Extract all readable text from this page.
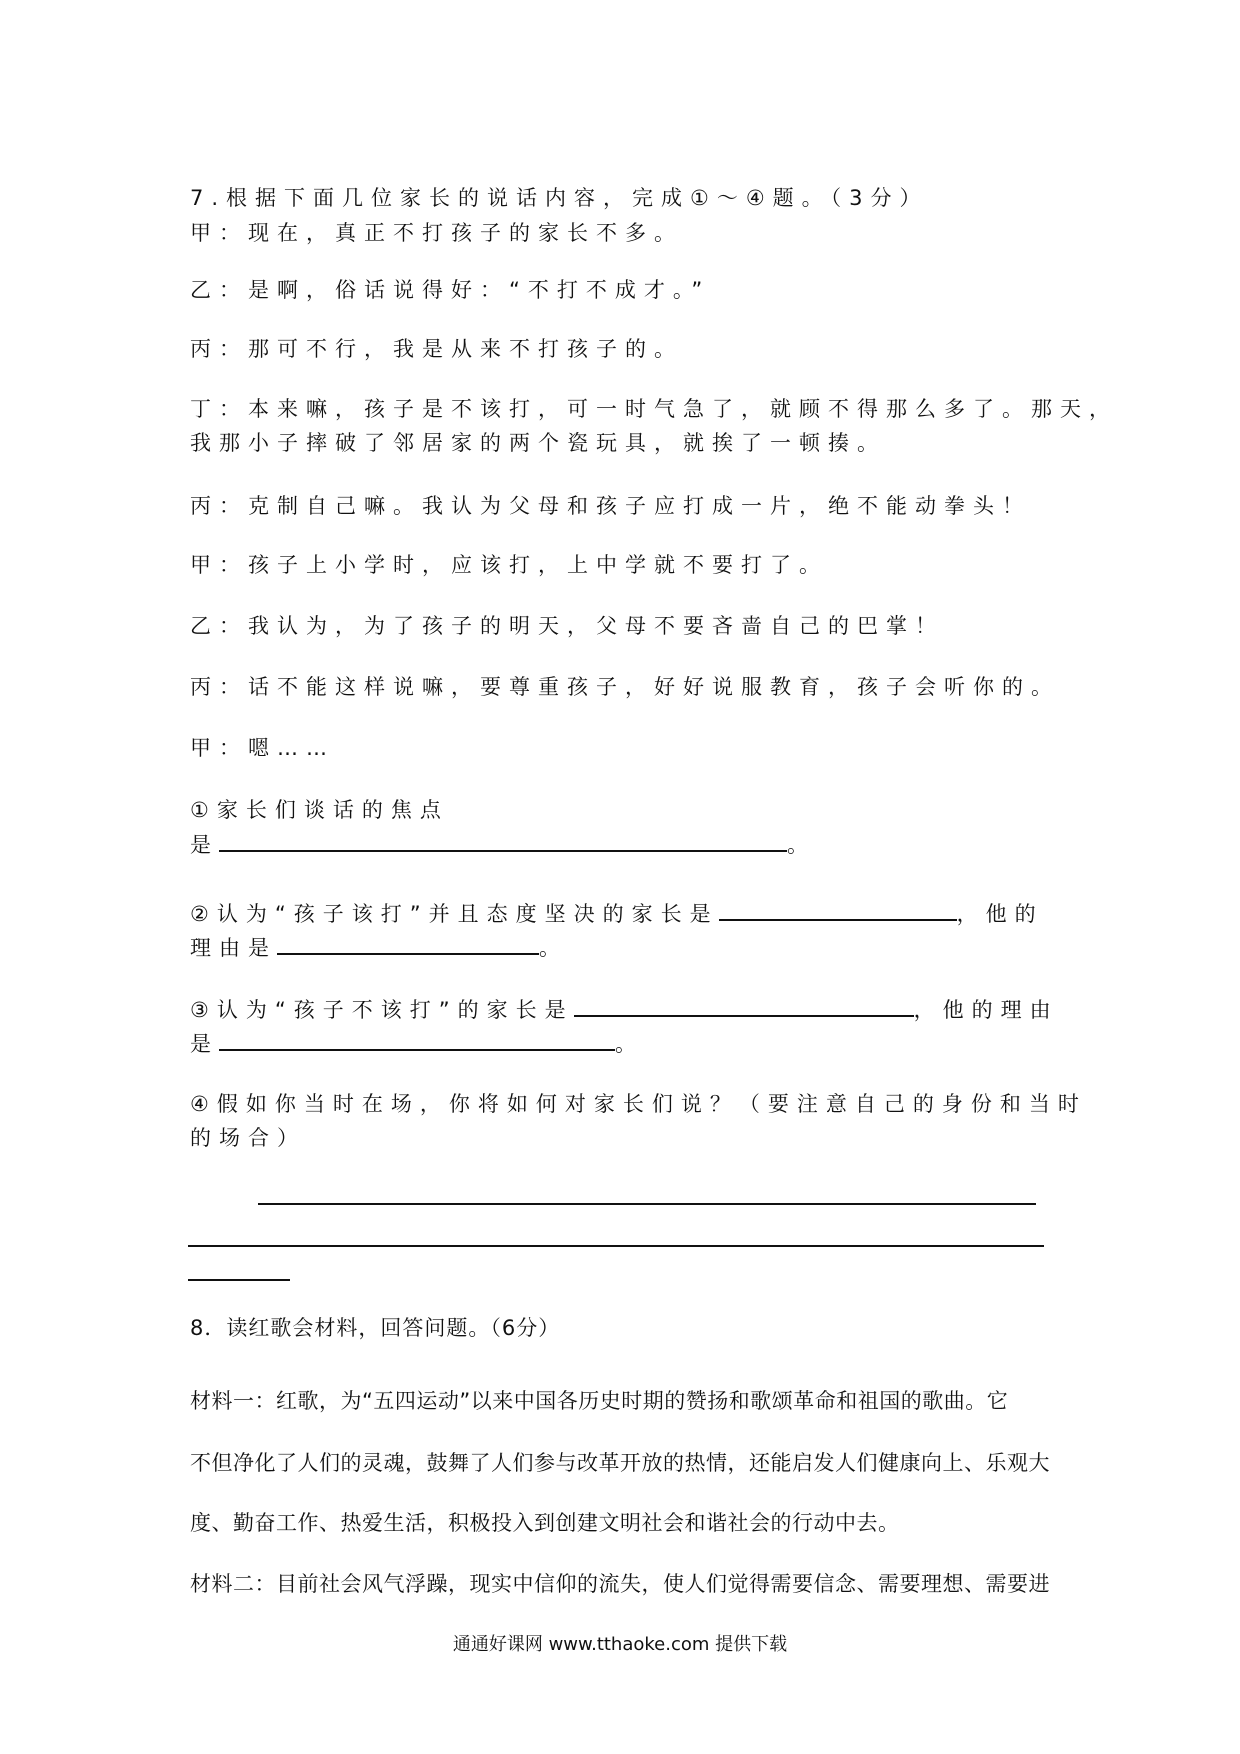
7.根据下面几位家长的说话内容，完成①～④题。（3分）
甲：现在，真正不打孩子的家长不多。
乙：是啊，俗话说得好：“不打不成才。”
丙：那可不行，我是从来不打孩子的。
丁：本来嘛，孩子是不该打，可一时气急了，就顾不得那么多了。那天，
我那小子摔破了邻居家的两个瓷玩具，就挨了一顿揍。
丙：克制自己嘛。我认为父母和孩子应打成一片，绝不能动拳头！
甲：孩子上小学时，应该打，上中学就不要打了。
乙：我认为，为了孩子的明天，父母不要吝啬自己的巴掌！
丙：话不能这样说嘛，要尊重孩子，好好说服教育，孩子会听你的。
甲：嗯……
①家长们谈话的焦点
是	。
②认为“孩子该打”并且态度坚决的家长是	，他的
理由是	。
③认为“孩子不该打”的家长是	，他的理由
是	。
④假如你当时在场，你将如何对家长们说？（要注意自己的身份和当时
的场合）
8．读红歌会材料，回答问题。（6分）
材料一：红歌，为“五四运动”以来中国各历史时期的赞扬和歌颂革命和祖国的歌曲。它
不但净化了人们的灵魂，鼓舞了人们参与改革开放的热情，还能启发人们健康向上、乐观大
度、勤奋工作、热爱生活，积极投入到创建文明社会和谐社会的行动中去。
材料二：目前社会风气浮躁，现实中信仰的流失，使人们觉得需要信念、需要理想、需要进
通通好课网 www.tthaoke.com 提供下载
